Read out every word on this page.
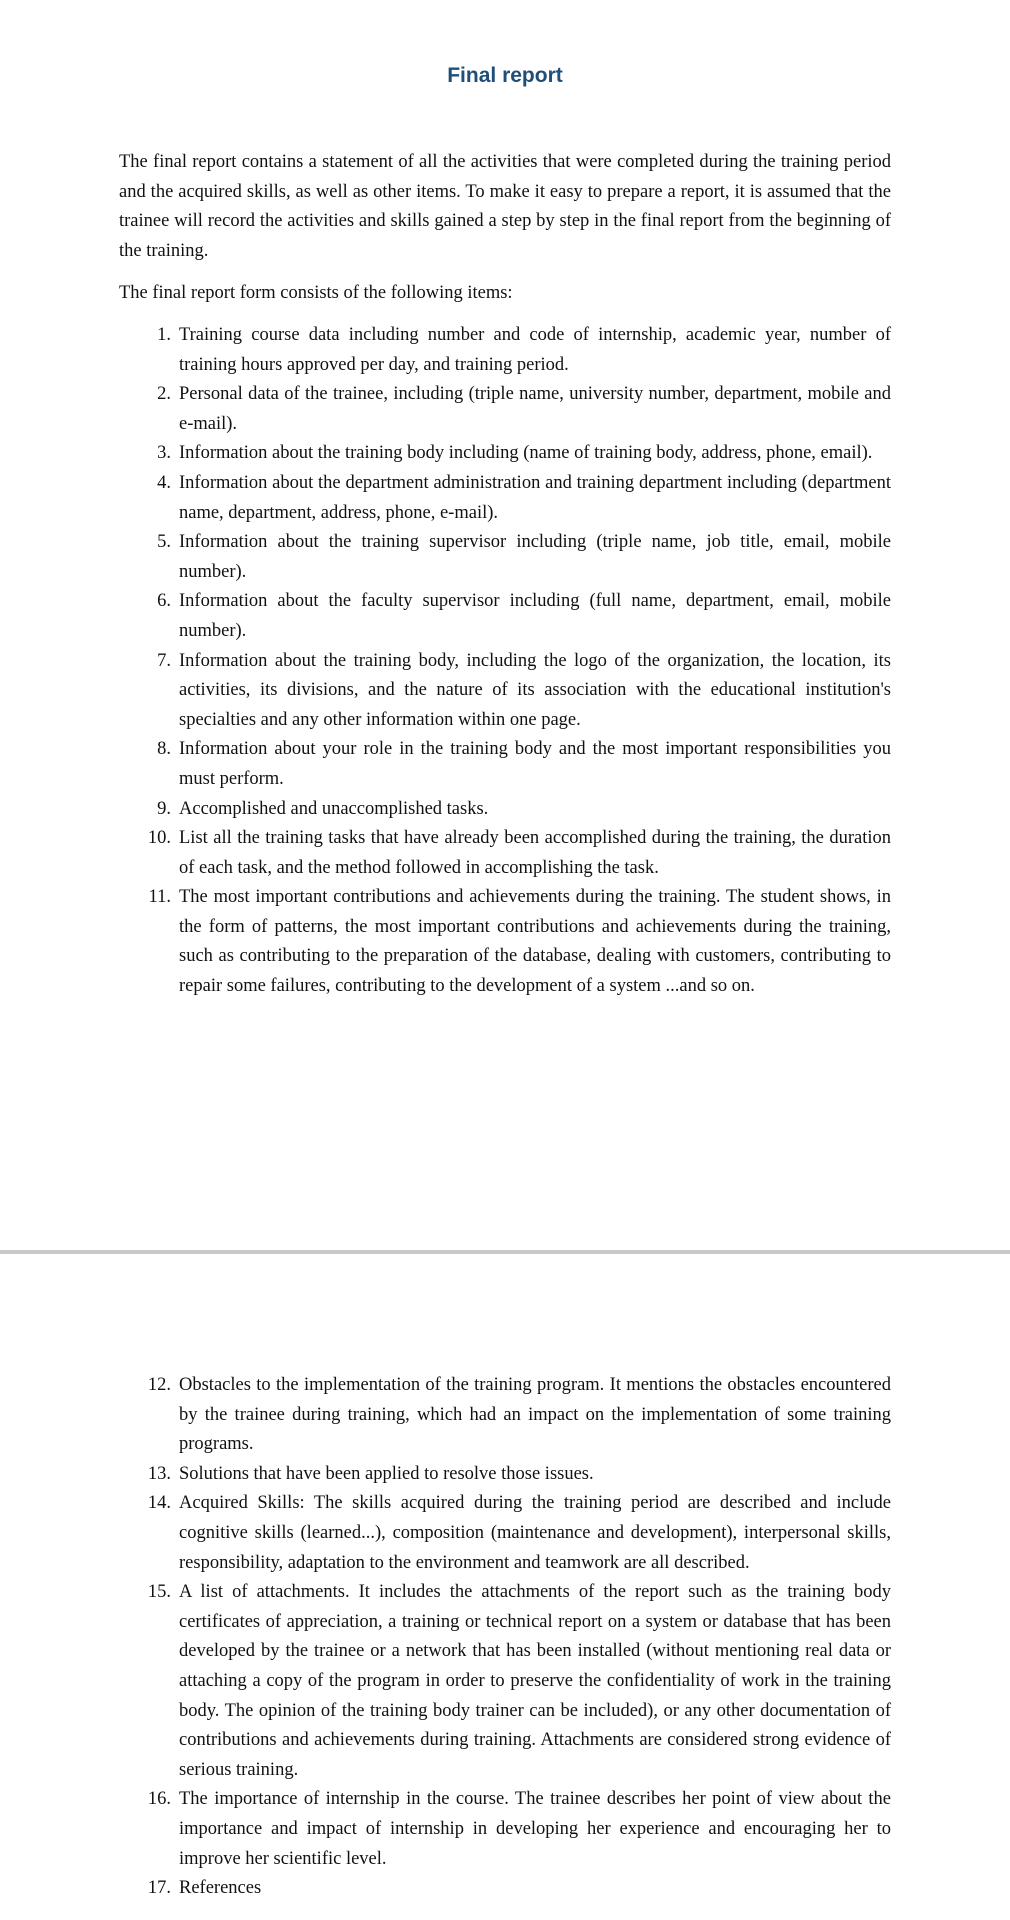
Final report

The final report contains a statement of all the activities that were completed during the training period and the acquired skills, as well as other items. To make it easy to prepare a report, it is assumed that the trainee will record the activities and skills gained a step by step in the final report from the beginning of the training.

The final report form consists of the following items:

1. Training course data including number and code of internship, academic year, number of training hours approved per day, and training period.
2. Personal data of the trainee, including (triple name, university number, department, mobile and e-mail).
3. Information about the training body including (name of training body, address, phone, email).
4. Information about the department administration and training department including (department name, department, address, phone, e-mail).
5. Information about the training supervisor including (triple name, job title, email, mobile number).
6. Information about the faculty supervisor including (full name, department, email, mobile number).
7. Information about the training body, including the logo of the organization, the location, its activities, its divisions, and the nature of its association with the educational institution's specialties and any other information within one page.
8. Information about your role in the training body and the most important responsibilities you must perform.
9. Accomplished and unaccomplished tasks.
10. List all the training tasks that have already been accomplished during the training, the duration of each task, and the method followed in accomplishing the task.
11. The most important contributions and achievements during the training. The student shows, in the form of patterns, the most important contributions and achievements during the training, such as contributing to the preparation of the database, dealing with customers, contributing to repair some failures, contributing to the development of a system ...and so on.
12. Obstacles to the implementation of the training program. It mentions the obstacles encountered by the trainee during training, which had an impact on the implementation of some training programs.
13. Solutions that have been applied to resolve those issues.
14. Acquired Skills: The skills acquired during the training period are described and include cognitive skills (learned...), composition (maintenance and development), interpersonal skills, responsibility, adaptation to the environment and teamwork are all described.
15. A list of attachments. It includes the attachments of the report such as the training body certificates of appreciation, a training or technical report on a system or database that has been developed by the trainee or a network that has been installed (without mentioning real data or attaching a copy of the program in order to preserve the confidentiality of work in the training body. The opinion of the training body trainer can be included), or any other documentation of contributions and achievements during training. Attachments are considered strong evidence of serious training.
16. The importance of internship in the course. The trainee describes her point of view about the importance and impact of internship in developing her experience and encouraging her to improve her scientific level.
17. References
